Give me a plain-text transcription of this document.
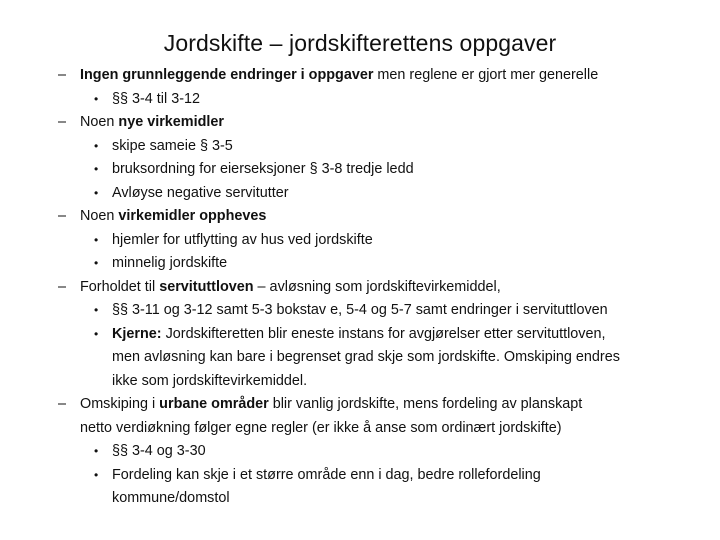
Jordskifte – jordskifterettens oppgaver
– Ingen grunnleggende endringer i oppgaver men reglene er gjort mer generelle
• §§ 3-4 til 3-12
– Noen nye virkemidler
• skipe sameie § 3-5
• bruksordning for eierseksjoner § 3-8 tredje ledd
• Avløyse negative servitutter
– Noen virkemidler oppheves
• hjemler for utflytting av hus ved jordskifte
• minnelig jordskifte
– Forholdet til servituttloven – avløsning som jordskiftevirkemiddel,
• §§ 3-11 og 3-12 samt 5-3 bokstav e, 5-4 og 5-7 samt endringer i servituttloven
• Kjerne: Jordskifteretten blir eneste instans for avgjørelser etter servituttloven,
men avløsning kan bare i begrenset grad skje som jordskifte. Omskiping endres
ikke som jordskiftevirkemiddel.
– Omskiping i urbane områder blir vanlig jordskifte, mens fordeling av planskapt
netto verdiøkning følger egne regler (er ikke å anse som ordinært jordskifte)
• §§ 3-4 og 3-30
• Fordeling kan skje i et større område enn i dag, bedre rollefordeling
kommune/domstol
